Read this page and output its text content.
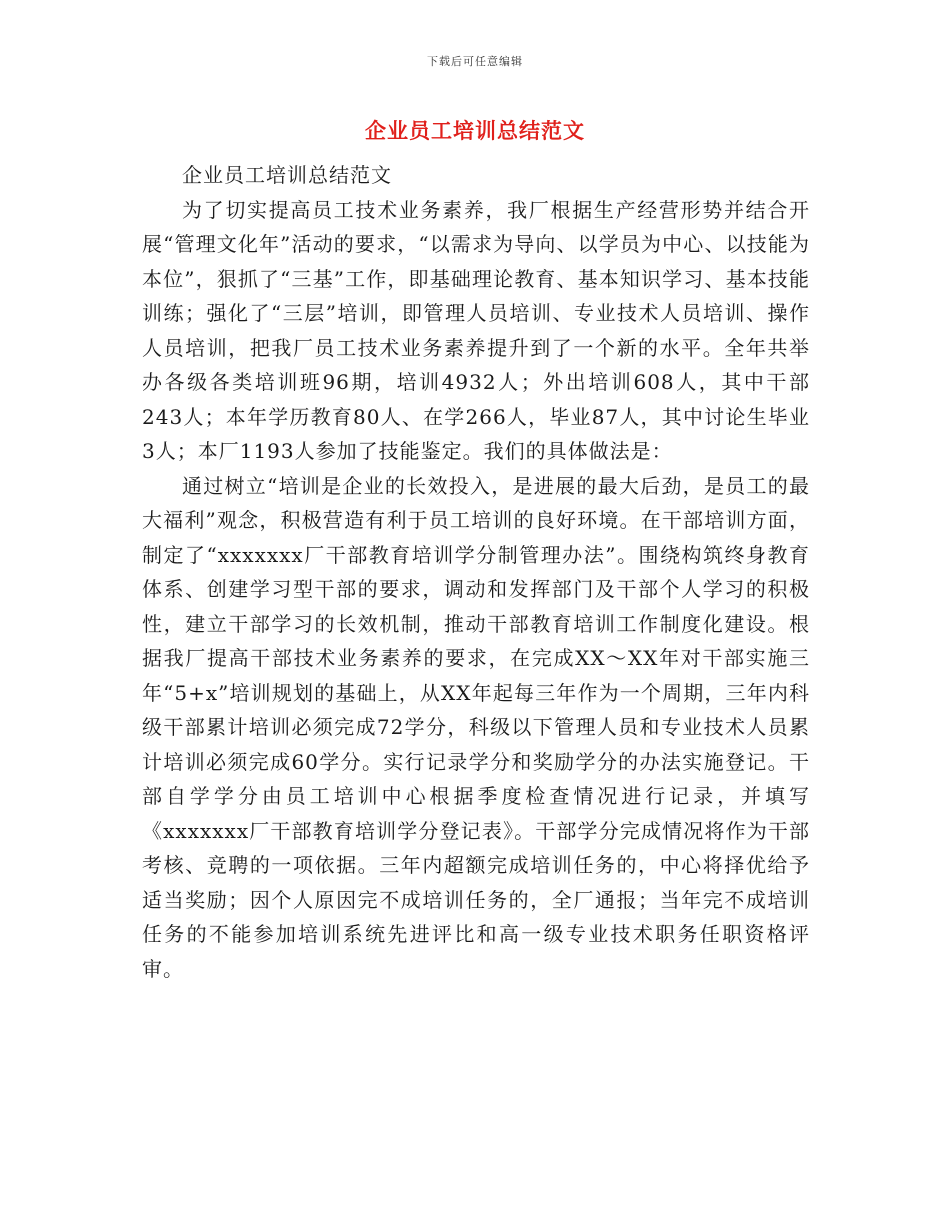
下载后可任意编辑
企业员工培训总结范文

企业员工培训总结范文

为了切实提高员工技术业务素养，我厂根据生产经营形势并结合开展“管理文化年”活动的要求，“以需求为导向、以学员为中心、以技能为本位”，狠抓了“三基”工作，即基础理论教育、基本知识学习、基本技能训练；强化了“三层”培训，即管理人员培训、专业技术人员培训、操作人员培训，把我厂员工技术业务素养提升到了一个新的水平。全年共举办各级各类培训班96期，培训4932人；外出培训608人，其中干部243人；本年学历教育80人、在学266人，毕业87人，其中讨论生毕业3人；本厂1193人参加了技能鉴定。我们的具体做法是：

通过树立“培训是企业的长效投入，是进展的最大后劲，是员工的最大福利”观念，积极营造有利于员工培训的良好环境。在干部培训方面，制定了“xxxxxxx厂干部教育培训学分制管理办法”。围绕构筑终身教育体系、创建学习型干部的要求，调动和发挥部门及干部个人学习的积极性，建立干部学习的长效机制，推动干部教育培训工作制度化建设。根据我厂提高干部技术业务素养的要求，在完成XX～XX年对干部实施三年“5+x”培训规划的基础上，从XX年起每三年作为一个周期，三年内科级干部累计培训必须完成72学分，科级以下管理人员和专业技术人员累计培训必须完成60学分。实行记录学分和奖励学分的办法实施登记。干部自学学分由员工培训中心根据季度检查情况进行记录，并填写《xxxxxxx厂干部教育培训学分登记表》。干部学分完成情况将作为干部考核、竞聘的一项依据。三年内超额完成培训任务的，中心将择优给予适当奖励；因个人原因完不成培训任务的，全厂通报；当年完不成培训任务的不能参加培训系统先进评比和高一级专业技术职务任职资格评审。
